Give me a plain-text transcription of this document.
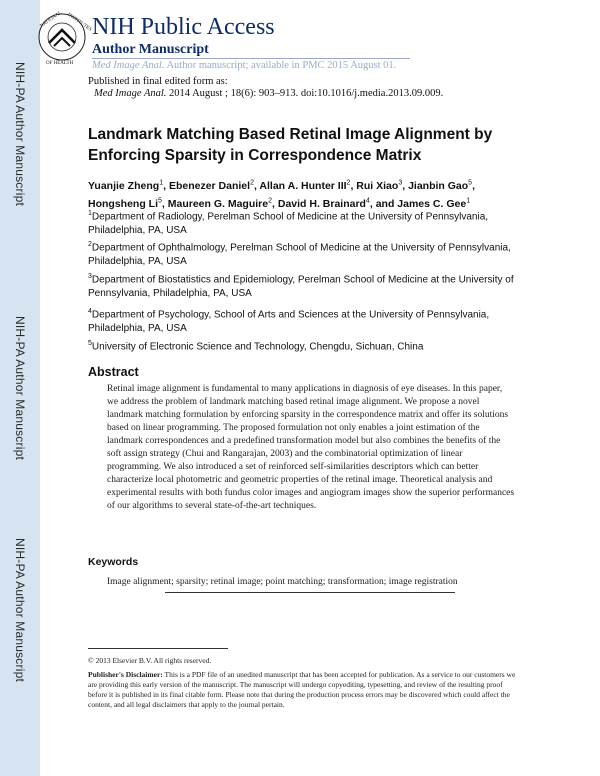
NIH-PA Author Manuscript
NIH-PA Author Manuscript
NIH-PA Author Manuscript
NATIONAL INSTITUTES
OF HEALTH
NIH Public Access
Author Manuscript
Med Image Anal. Author manuscript; available in PMC 2015 August 01.
Published in final edited form as:
Med Image Anal. 2014 August ; 18(6): 903–913. doi:10.1016/j.media.2013.09.009.
Landmark Matching Based Retinal Image Alignment by Enforcing Sparsity in Correspondence Matrix
Yuanjie Zheng$^1$, Ebenezer Daniel$^2$, Allan A. Hunter III$^2$, Rui Xiao$^3$, Jianbin Gao$^5$, Hongsheng Li$^5$, Maureen G. Maguire$^2$, David H. Brainard$^4$, and James C. Gee$^1$
$^1$Department of Radiology, Perelman School of Medicine at the University of Pennsylvania, Philadelphia, PA, USA
$^2$Department of Ophthalmology, Perelman School of Medicine at the University of Pennsylvania, Philadelphia, PA, USA
$^3$Department of Biostatistics and Epidemiology, Perelman School of Medicine at the University of Pennsylvania, Philadelphia, PA, USA
$^4$Department of Psychology, School of Arts and Sciences at the University of Pennsylvania, Philadelphia, PA, USA
$^5$University of Electronic Science and Technology, Chengdu, Sichuan, China
Abstract

Retinal image alignment is fundamental to many applications in diagnosis of eye diseases. In this paper, we address the problem of landmark matching based retinal image alignment. We propose a novel landmark matching formulation by enforcing sparsity in the correspondence matrix and offer its solutions based on linear programming. The proposed formulation not only enables a joint estimation of the landmark correspondences and a predefined transformation model but also combines the benefits of the soft assign strategy (Chui and Rangarajan, 2003) and the combinatorial optimization of linear programming. We also introduced a set of reinforced self-similarities descriptors which can better characterize local photometric and geometric properties of the retinal image. Theoretical analysis and experimental results with both fundus color images and angiogram images show the superior performances of our algorithms to several state-of-the-art techniques.

Keywords
Image alignment; sparsity; retinal image; point matching; transformation; image registration
© 2013 Elsevier B.V. All rights reserved.

Publisher's Disclaimer: This is a PDF file of an unedited manuscript that has been accepted for publication. As a service to our customers we are providing this early version of the manuscript. The manuscript will undergo copyediting, typesetting, and review of the resulting proof before it is published in its final citable form. Please note that during the production process errors may be discovered which could affect the content, and all legal disclaimers that apply to the journal pertain.
